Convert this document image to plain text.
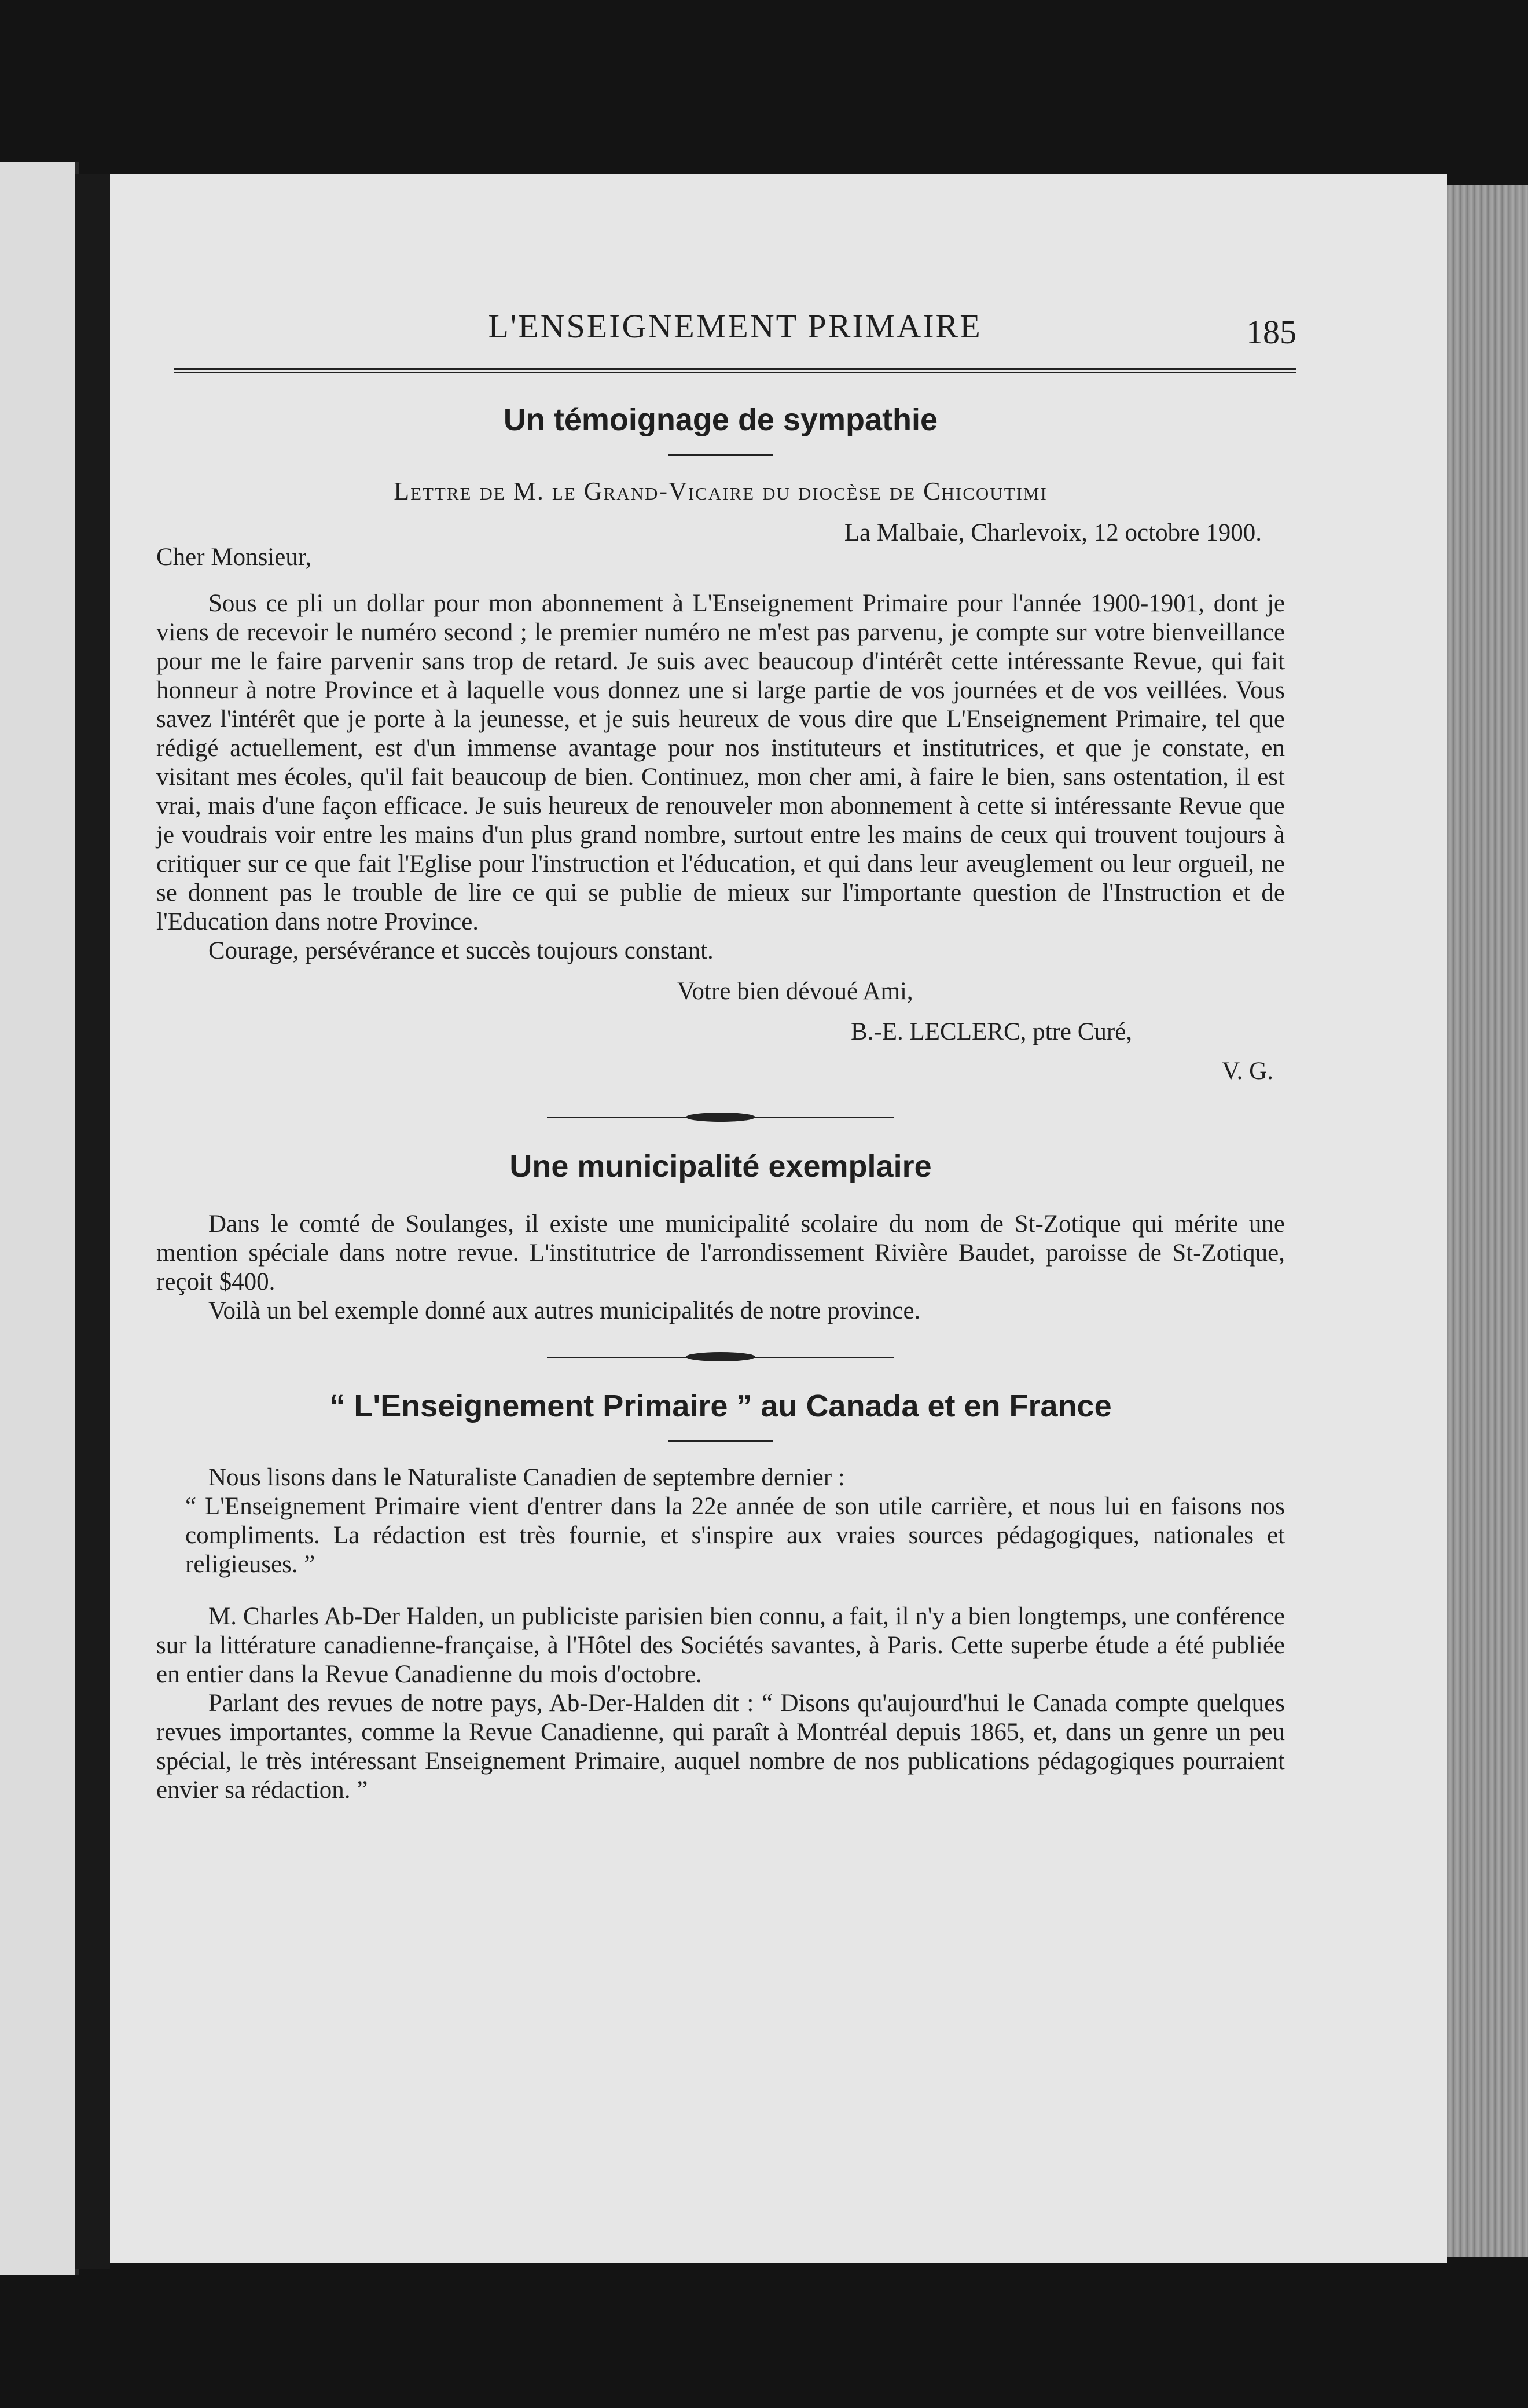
L'ENSEIGNEMENT PRIMAIRE	185
Un témoignage de sympathie
Lettre de M. le Grand-Vicaire du diocèse de Chicoutimi
La Malbaie, Charlevoix, 12 octobre 1900.
Cher Monsieur,

Sous ce pli un dollar pour mon abonnement à L'Enseignement Primaire pour l'année 1900-1901, dont je viens de recevoir le numéro second ; le premier numéro ne m'est pas parvenu, je compte sur votre bienveillance pour me le faire parvenir sans trop de retard. Je suis avec beaucoup d'intérêt cette intéressante Revue, qui fait honneur à notre Province et à laquelle vous donnez une si large partie de vos journées et de vos veillées. Vous savez l'intérêt que je porte à la jeunesse, et je suis heureux de vous dire que L'Enseignement Primaire, tel que rédigé actuellement, est d'un immense avantage pour nos instituteurs et institutrices, et que je constate, en visitant mes écoles, qu'il fait beaucoup de bien. Continuez, mon cher ami, à faire le bien, sans ostentation, il est vrai, mais d'une façon efficace. Je suis heureux de renouveler mon abonnement à cette si intéressante Revue que je voudrais voir entre les mains d'un plus grand nombre, surtout entre les mains de ceux qui trouvent toujours à critiquer sur ce que fait l'Eglise pour l'instruction et l'éducation, et qui dans leur aveuglement ou leur orgueil, ne se donnent pas le trouble de lire ce qui se publie de mieux sur l'importante question de l'Instruction et de l'Education dans notre Province.

Courage, persévérance et succès toujours constant.

Votre bien dévoué Ami,
B.-E. LECLERC, ptre Curé,
V. G.
Une municipalité exemplaire

Dans le comté de Soulanges, il existe une municipalité scolaire du nom de St-Zotique qui mérite une mention spéciale dans notre revue. L'institutrice de l'arrondissement Rivière Baudet, paroisse de St-Zotique, reçoit $400.

Voilà un bel exemple donné aux autres municipalités de notre province.

“ L'Enseignement Primaire ” au Canada et en France

Nous lisons dans le Naturaliste Canadien de septembre dernier :

“ L'Enseignement Primaire vient d'entrer dans la 22e année de son utile carrière, et nous lui en faisons nos compliments. La rédaction est très fournie, et s'inspire aux vraies sources pédagogiques, nationales et religieuses. ”

M. Charles Ab-Der Halden, un publiciste parisien bien connu, a fait, il n'y a bien longtemps, une conférence sur la littérature canadienne-française, à l'Hôtel des Sociétés savantes, à Paris. Cette superbe étude a été publiée en entier dans la Revue Canadienne du mois d'octobre.

Parlant des revues de notre pays, Ab-Der-Halden dit : “ Disons qu'aujourd'hui le Canada compte quelques revues importantes, comme la Revue Canadienne, qui paraît à Montréal depuis 1865, et, dans un genre un peu spécial, le très intéressant Enseignement Primaire, auquel nombre de nos publications pédagogiques pourraient envier sa rédaction. ”
